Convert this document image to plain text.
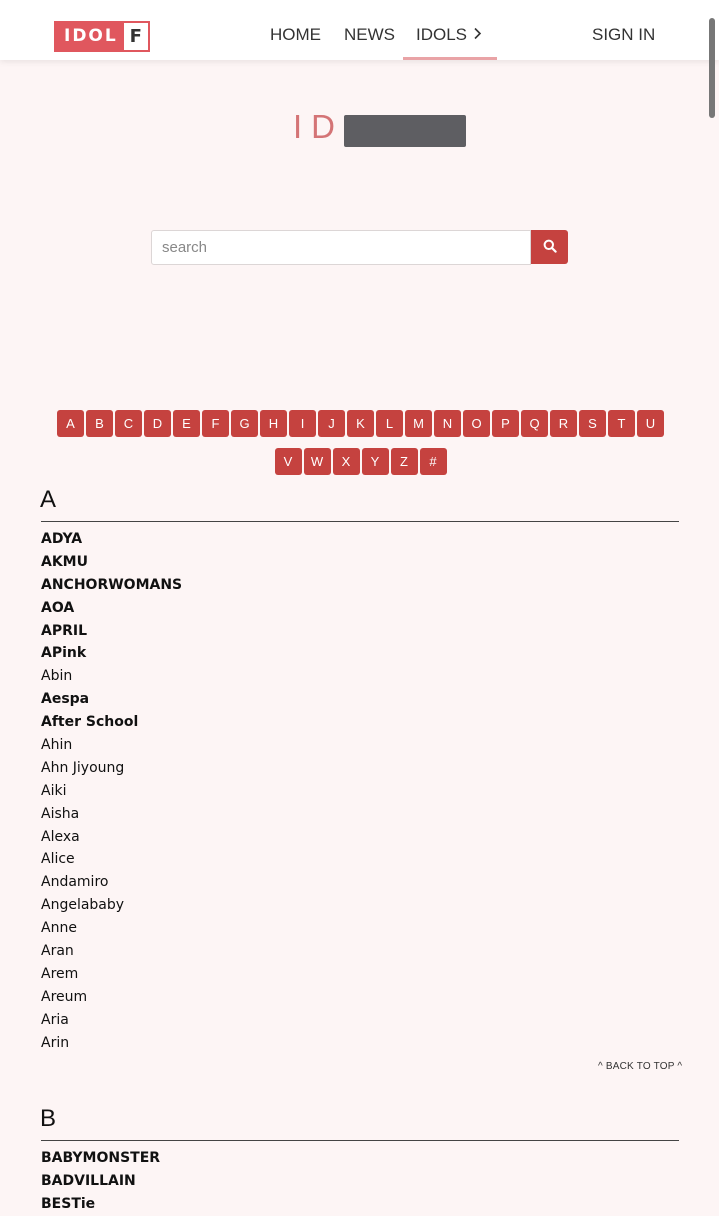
IDOL F	HOME NEWS IDOLS	SIGN IN
ID
search
A	B	C	D	E	F	G	H	I	J	K	L	M	N	O	P	Q	R	S	T	U
V	W	X	Y	Z	#
A
ADYA
AKMU
ANCHORWOMANS
AOA
APRIL
APink
Abin
Aespa
After School
Ahin
Ahn Jiyoung
Aiki
Aisha
Alexa
Alice
Andamiro
Angelababy
Anne
Aran
Arem
Areum
Aria
Arin
^ BACK TO TOP ^
B
BABYMONSTER
BADVILLAIN
BESTie
